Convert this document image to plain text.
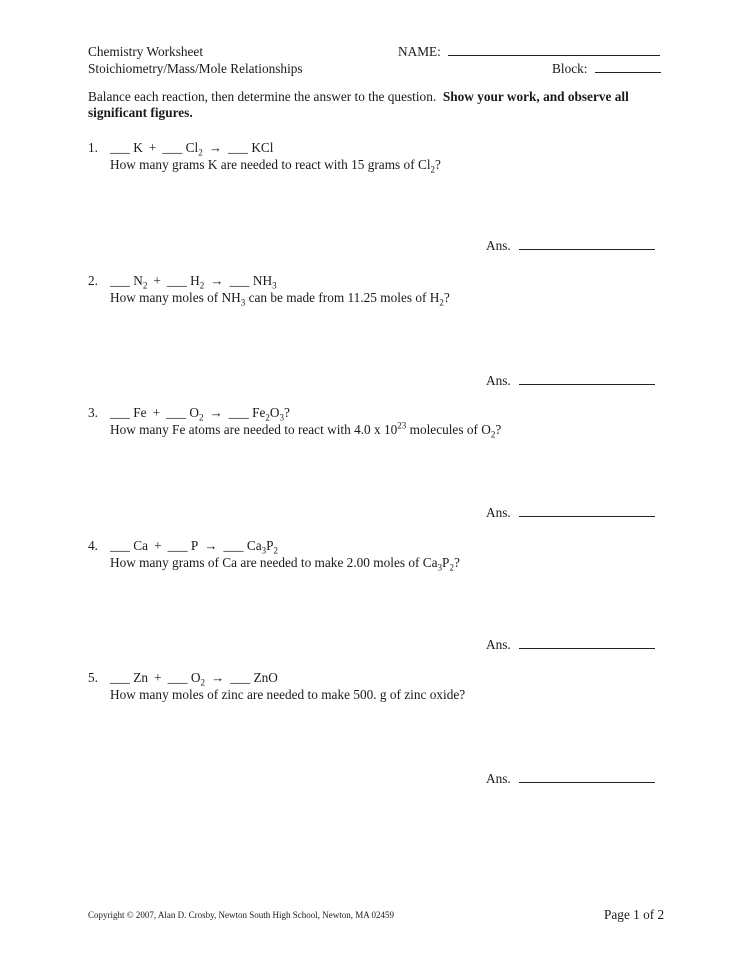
Chemistry Worksheet
Stoichiometry/Mass/Mole Relationships
NAME:
Block:
Balance each reaction, then determine the answer to the question. Show your work, and observe all significant figures.
1. ___ K + ___ $Cl_2$ → ___ KCl
How many grams K are needed to react with 15 grams of $Cl_2$?
Ans.
2. ___ $N_2$ + ___ $H_2$ → ___ $NH_3$
How many moles of $NH_3$ can be made from 11.25 moles of $H_2$?
Ans.
3. ___ Fe + ___ $O_2$ → ___ $Fe_2O_3$?
How many Fe atoms are needed to react with 4.0 x $10^{23}$ molecules of $O_2$?
Ans.
4. ___ Ca + ___ P → ___ $Ca_3P_2$
How many grams of Ca are needed to make 2.00 moles of $Ca_3P_2$?
Ans.
5. ___ Zn + ___ $O_2$ → ___ ZnO
How many moles of zinc are needed to make 500. g of zinc oxide?
Ans.
Copyright © 2007, Alan D. Crosby, Newton South High School, Newton, MA 02459	Page 1 of 2
